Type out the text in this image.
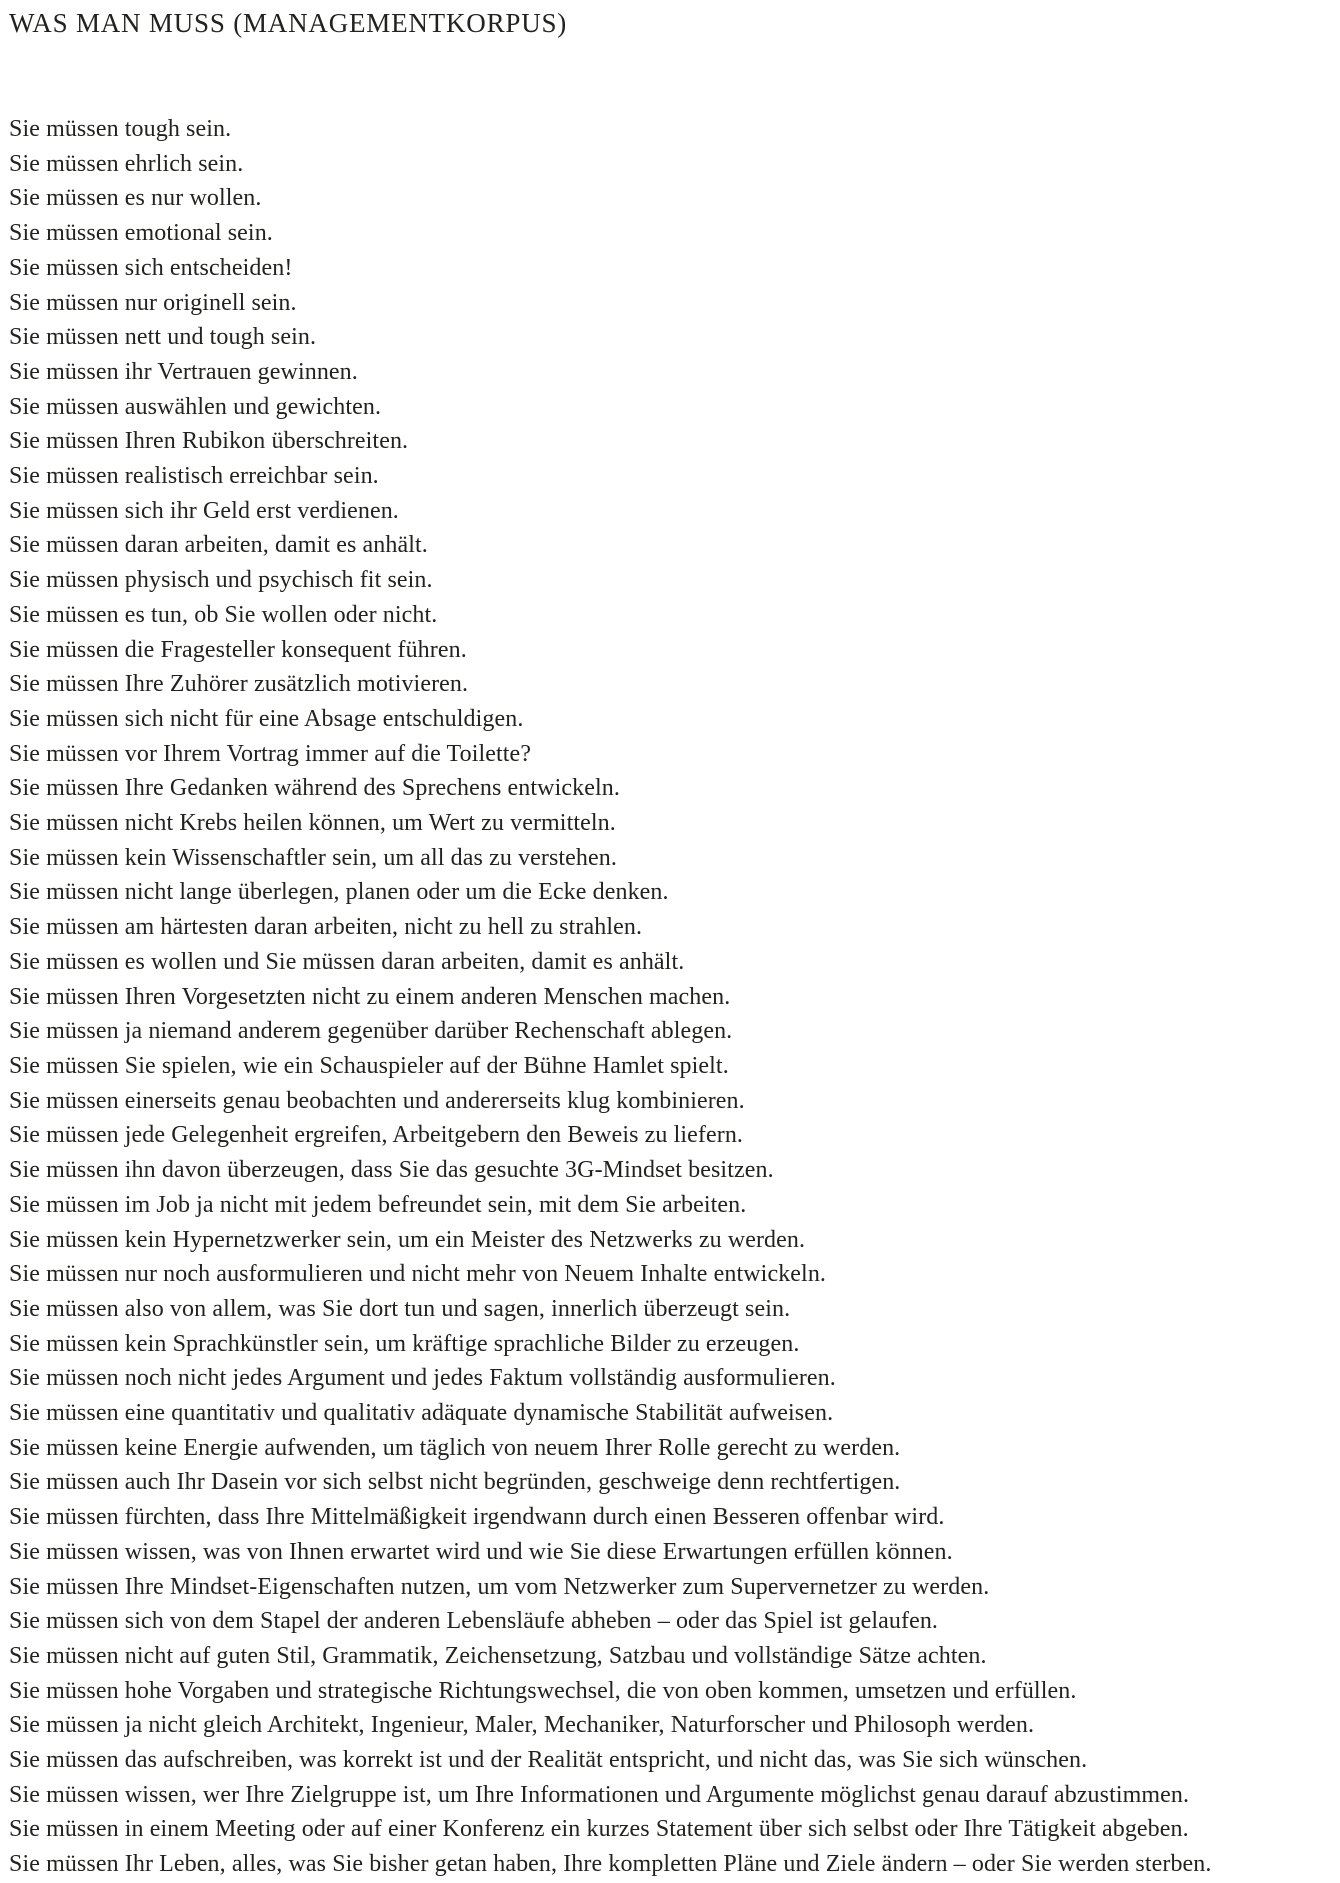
WAS MAN MUSS (MANAGEMENTKORPUS)

Sie müssen tough sein.

Sie müssen ehrlich sein.

Sie müssen es nur wollen.

Sie müssen emotional sein.

Sie müssen sich entscheiden!

Sie müssen nur originell sein.

Sie müssen nett und tough sein.

Sie müssen ihr Vertrauen gewinnen.

Sie müssen auswählen und gewichten.

Sie müssen Ihren Rubikon überschreiten.

Sie müssen realistisch erreichbar sein.

Sie müssen sich ihr Geld erst verdienen.

Sie müssen daran arbeiten, damit es anhält.

Sie müssen physisch und psychisch fit sein.

Sie müssen es tun, ob Sie wollen oder nicht.

Sie müssen die Fragesteller konsequent führen.

Sie müssen Ihre Zuhörer zusätzlich motivieren.

Sie müssen sich nicht für eine Absage entschuldigen.

Sie müssen vor Ihrem Vortrag immer auf die Toilette?

Sie müssen Ihre Gedanken während des Sprechens entwickeln.

Sie müssen nicht Krebs heilen können, um Wert zu vermitteln.

Sie müssen kein Wissenschaftler sein, um all das zu verstehen.

Sie müssen nicht lange überlegen, planen oder um die Ecke denken.

Sie müssen am härtesten daran arbeiten, nicht zu hell zu strahlen.

Sie müssen es wollen und Sie müssen daran arbeiten, damit es anhält.

Sie müssen Ihren Vorgesetzten nicht zu einem anderen Menschen machen.

Sie müssen ja niemand anderem gegenüber darüber Rechenschaft ablegen.

Sie müssen Sie spielen, wie ein Schauspieler auf der Bühne Hamlet spielt.

Sie müssen einerseits genau beobachten und andererseits klug kombinieren.

Sie müssen jede Gelegenheit ergreifen, Arbeitgebern den Beweis zu liefern.

Sie müssen ihn davon überzeugen, dass Sie das gesuchte 3G-Mindset besitzen.

Sie müssen im Job ja nicht mit jedem befreundet sein, mit dem Sie arbeiten.

Sie müssen kein Hypernetzwerker sein, um ein Meister des Netzwerks zu werden.

Sie müssen nur noch ausformulieren und nicht mehr von Neuem Inhalte entwickeln.

Sie müssen also von allem, was Sie dort tun und sagen, innerlich überzeugt sein.

Sie müssen kein Sprachkünstler sein, um kräftige sprachliche Bilder zu erzeugen.

Sie müssen noch nicht jedes Argument und jedes Faktum vollständig ausformulieren.

Sie müssen eine quantitativ und qualitativ adäquate dynamische Stabilität aufweisen.

Sie müssen keine Energie aufwenden, um täglich von neuem Ihrer Rolle gerecht zu werden.

Sie müssen auch Ihr Dasein vor sich selbst nicht begründen, geschweige denn rechtfertigen.

Sie müssen fürchten, dass Ihre Mittelmäßigkeit irgendwann durch einen Besseren offenbar wird.

Sie müssen wissen, was von Ihnen erwartet wird und wie Sie diese Erwartungen erfüllen können.

Sie müssen Ihre Mindset-Eigenschaften nutzen, um vom Netzwerker zum Supervernetzer zu werden.

Sie müssen sich von dem Stapel der anderen Lebensläufe abheben – oder das Spiel ist gelaufen.

Sie müssen nicht auf guten Stil, Grammatik, Zeichensetzung, Satzbau und vollständige Sätze achten.

Sie müssen hohe Vorgaben und strategische Richtungswechsel, die von oben kommen, umsetzen und erfüllen.

Sie müssen ja nicht gleich Architekt, Ingenieur, Maler, Mechaniker, Naturforscher und Philosoph werden.

Sie müssen das aufschreiben, was korrekt ist und der Realität entspricht, und nicht das, was Sie sich wünschen.

Sie müssen wissen, wer Ihre Zielgruppe ist, um Ihre Informationen und Argumente möglichst genau darauf abzustimmen.

Sie müssen in einem Meeting oder auf einer Konferenz ein kurzes Statement über sich selbst oder Ihre Tätigkeit abgeben.

Sie müssen Ihr Leben, alles, was Sie bisher getan haben, Ihre kompletten Pläne und Ziele ändern – oder Sie werden sterben.
